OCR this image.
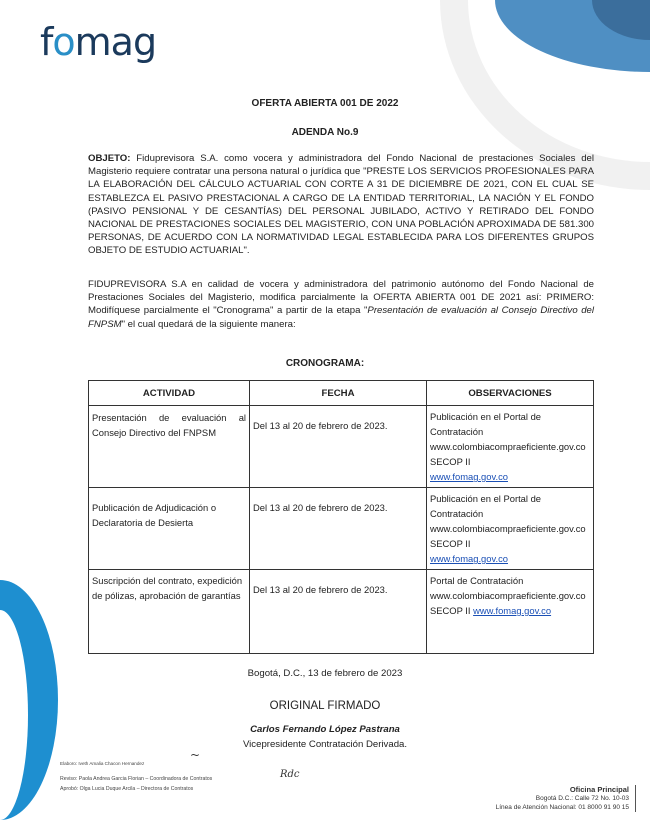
fomag
OFERTA ABIERTA 001 DE 2022
ADENDA No.9
OBJETO: Fiduprevisora S.A. como vocera y administradora del Fondo Nacional de prestaciones Sociales del Magisterio requiere contratar una persona natural o jurídica que "PRESTE LOS SERVICIOS PROFESIONALES PARA LA ELABORACIÓN DEL CÁLCULO ACTUARIAL CON CORTE A 31 DE DICIEMBRE DE 2021, CON EL CUAL SE ESTABLEZCA EL PASIVO PRESTACIONAL A CARGO DE LA ENTIDAD TERRITORIAL, LA NACIÓN Y EL FONDO (PASIVO PENSIONAL Y DE CESANTÍAS) DEL PERSONAL JUBILADO, ACTIVO Y RETIRADO DEL FONDO NACIONAL DE PRESTACIONES SOCIALES DEL MAGISTERIO, CON UNA POBLACIÓN APROXIMADA DE 581.300 PERSONAS, DE ACUERDO CON LA NORMATIVIDAD LEGAL ESTABLECIDA PARA LOS DIFERENTES GRUPOS OBJETO DE ESTUDIO ACTUARIAL".
FIDUPREVISORA S.A en calidad de vocera y administradora del patrimonio autónomo del Fondo Nacional de Prestaciones Sociales del Magisterio, modifica parcialmente la OFERTA ABIERTA 001 DE 2021 así: PRIMERO: Modifíquese parcialmente el "Cronograma" a partir de la etapa "Presentación de evaluación al Consejo Directivo del FNPSM" el cual quedará de la siguiente manera:
CRONOGRAMA:
ACTIVIDAD	FECHA	OBSERVACIONES
Presentación de evaluación al Consejo Directivo del FNPSM	Del 13 al 20 de febrero de 2023.	Publicación en el Portal de Contratación www.colombiacompraeficiente.gov.co SECOP II
www.fomag.gov.co
Publicación de Adjudicación o Declaratoria de Desierta	Del 13 al 20 de febrero de 2023.	Publicación en el Portal de Contratación www.colombiacompraeficiente.gov.co SECOP II
www.fomag.gov.co
Suscripción del contrato, expedición de pólizas, aprobación de garantías	Del 13 al 20 de febrero de 2023.	Portal de Contratación www.colombiacompraeficiente.gov.co SECOP II www.fomag.gov.co
Bogotá, D.C., 13 de febrero de 2023
ORIGINAL FIRMADO
Carlos Fernando López Pastrana
Vicepresidente Contratación Derivada.
Elaboro: Iveth Amalia Chacon Hernandez
~
Reviso: Paola Andrea Garcia Florian – Coordinadora de Contratos	Rdc
Aprobó: Olga Lucia Duque Arcila – Directora de Contratos	Oficina Principal
Bogotá D.C.: Calle 72 No. 10-03
Línea de Atención Nacional: 01 8000 91 90 15
